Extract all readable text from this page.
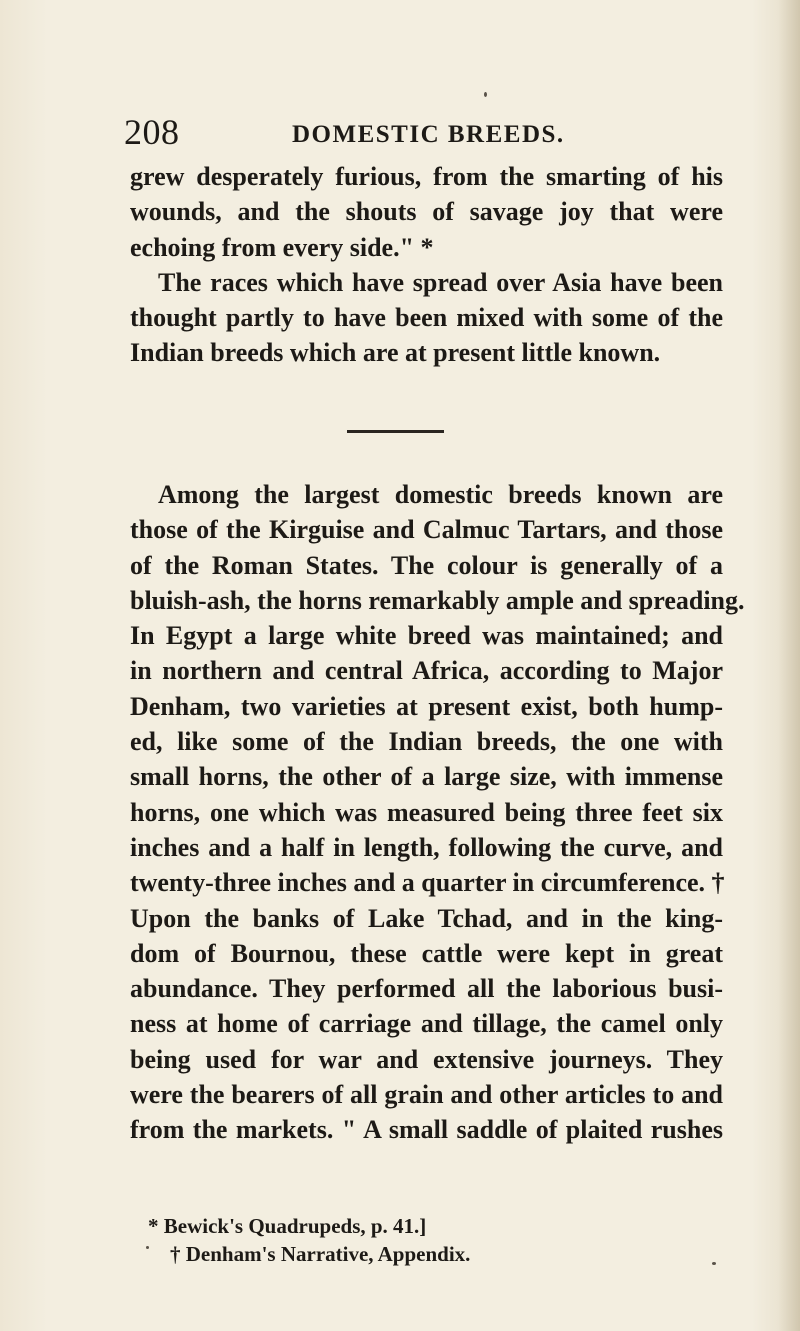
208	DOMESTIC BREEDS.
grew desperately furious, from the smarting of his
wounds, and the shouts of savage joy that were
echoing from every side." *
The races which have spread over Asia have been
thought partly to have been mixed with some of the
Indian breeds which are at present little known.
Among the largest domestic breeds known are
those of the Kirguise and Calmuc Tartars, and those
of the Roman States. The colour is generally of a
bluish-ash, the horns remarkably ample and spreading.
In Egypt a large white breed was maintained; and
in northern and central Africa, according to Major
Denham, two varieties at present exist, both hump-
ed, like some of the Indian breeds, the one with
small horns, the other of a large size, with immense
horns, one which was measured being three feet six
inches and a half in length, following the curve, and
twenty-three inches and a quarter in circumference. †
Upon the banks of Lake Tchad, and in the king-
dom of Bournou, these cattle were kept in great
abundance. They performed all the laborious busi-
ness at home of carriage and tillage, the camel only
being used for war and extensive journeys. They
were the bearers of all grain and other articles to and
from the markets. " A small saddle of plaited rushes
* Bewick's Quadrupeds, p. 41.]
† Denham's Narrative, Appendix.
